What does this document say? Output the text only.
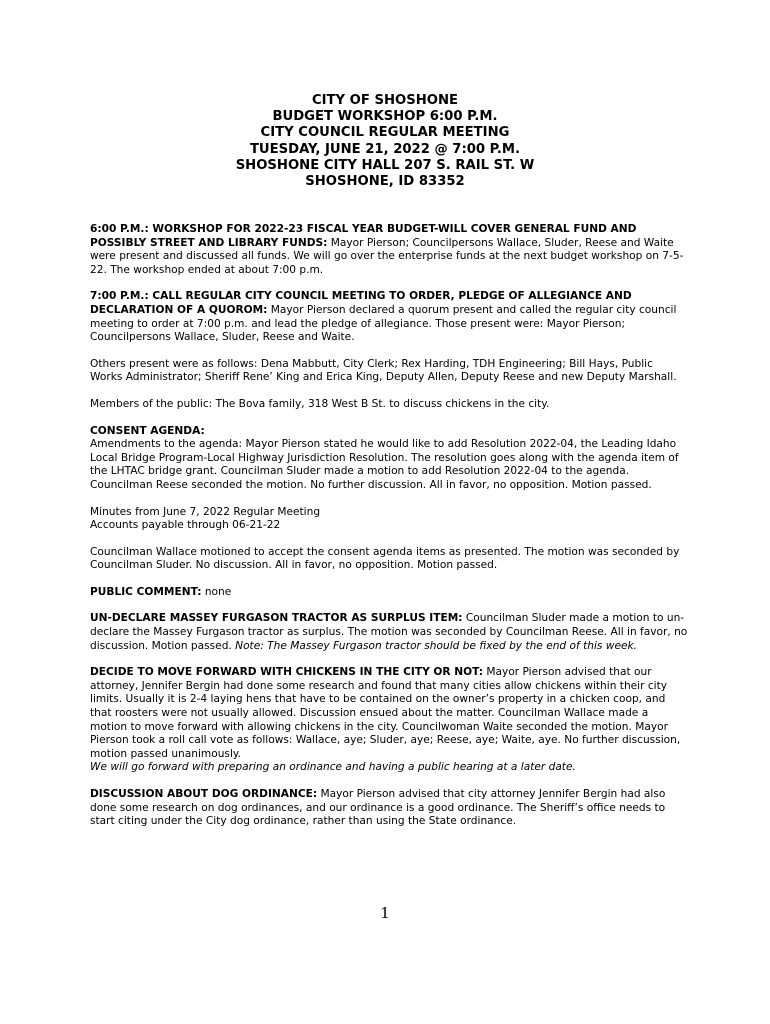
CITY OF SHOSHONE
BUDGET WORKSHOP 6:00 P.M.
CITY COUNCIL REGULAR MEETING
TUESDAY, JUNE 21, 2022 @ 7:00 P.M.
SHOSHONE CITY HALL 207 S. RAIL ST. W
SHOSHONE, ID 83352

6:00 P.M.: WORKSHOP FOR 2022-23 FISCAL YEAR BUDGET-WILL COVER GENERAL FUND AND POSSIBLY STREET AND LIBRARY FUNDS: Mayor Pierson; Councilpersons Wallace, Sluder, Reese and Waite were present and discussed all funds. We will go over the enterprise funds at the next budget workshop on 7-5-22. The workshop ended at about 7:00 p.m.

7:00 P.M.: CALL REGULAR CITY COUNCIL MEETING TO ORDER, PLEDGE OF ALLEGIANCE AND DECLARATION OF A QUOROM: Mayor Pierson declared a quorum present and called the regular city council meeting to order at 7:00 p.m. and lead the pledge of allegiance. Those present were: Mayor Pierson; Councilpersons Wallace, Sluder, Reese and Waite.

Others present were as follows: Dena Mabbutt, City Clerk; Rex Harding, TDH Engineering; Bill Hays, Public Works Administrator; Sheriff Rene’ King and Erica King, Deputy Allen, Deputy Reese and new Deputy Marshall.

Members of the public: The Bova family, 318 West B St. to discuss chickens in the city.

CONSENT AGENDA:
Amendments to the agenda: Mayor Pierson stated he would like to add Resolution 2022-04, the Leading Idaho Local Bridge Program-Local Highway Jurisdiction Resolution. The resolution goes along with the agenda item of the LHTAC bridge grant. Councilman Sluder made a motion to add Resolution 2022-04 to the agenda. Councilman Reese seconded the motion. No further discussion. All in favor, no opposition. Motion passed.

Minutes from June 7, 2022 Regular Meeting
Accounts payable through 06-21-22

Councilman Wallace motioned to accept the consent agenda items as presented. The motion was seconded by Councilman Sluder. No discussion. All in favor, no opposition. Motion passed.

PUBLIC COMMENT: none

UN-DECLARE MASSEY FURGASON TRACTOR AS SURPLUS ITEM: Councilman Sluder made a motion to un-declare the Massey Furgason tractor as surplus. The motion was seconded by Councilman Reese. All in favor, no discussion. Motion passed. Note: The Massey Furgason tractor should be fixed by the end of this week.

DECIDE TO MOVE FORWARD WITH CHICKENS IN THE CITY OR NOT: Mayor Pierson advised that our attorney, Jennifer Bergin had done some research and found that many cities allow chickens within their city limits. Usually it is 2-4 laying hens that have to be contained on the owner’s property in a chicken coop, and that roosters were not usually allowed. Discussion ensued about the matter. Councilman Wallace made a motion to move forward with allowing chickens in the city. Councilwoman Waite seconded the motion. Mayor Pierson took a roll call vote as follows: Wallace, aye; Sluder, aye; Reese, aye; Waite, aye. No further discussion, motion passed unanimously.
We will go forward with preparing an ordinance and having a public hearing at a later date.

DISCUSSION ABOUT DOG ORDINANCE: Mayor Pierson advised that city attorney Jennifer Bergin had also done some research on dog ordinances, and our ordinance is a good ordinance. The Sheriff’s office needs to start citing under the City dog ordinance, rather than using the State ordinance.

1
